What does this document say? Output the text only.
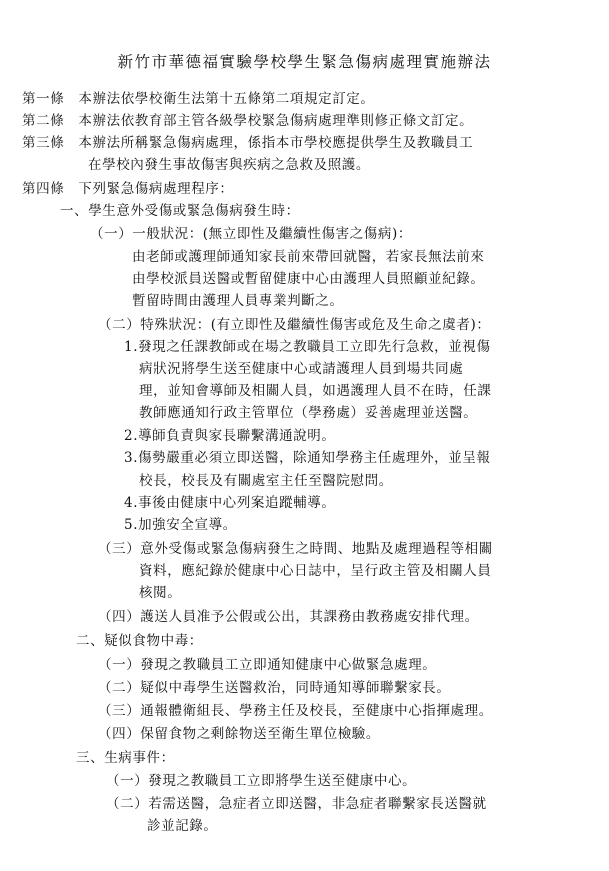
新竹市華德福實驗學校學生緊急傷病處理實施辦法
第一條　本辦法依學校衛生法第十五條第二項規定訂定。
第二條　本辦法依教育部主管各級學校緊急傷病處理準則修正條文訂定。
第三條　本辦法所稱緊急傷病處理，係指本市學校應提供學生及教職員工
在學校內發生事故傷害與疾病之急救及照護。
第四條　下列緊急傷病處理程序：
一、學生意外受傷或緊急傷病發生時：
（一）一般狀況：(無立即性及繼續性傷害之傷病)：
由老師或護理師通知家長前來帶回就醫，若家長無法前來
由學校派員送醫或暫留健康中心由護理人員照顧並紀錄。
暫留時間由護理人員專業判斷之。
（二）特殊狀況：(有立即性及繼續性傷害或危及生命之虞者)：
1.發現之任課教師或在場之教職員工立即先行急救，並視傷
病狀況將學生送至健康中心或請護理人員到場共同處
理，並知會導師及相關人員，如遇護理人員不在時，任課
教師應通知行政主管單位（學務處）妥善處理並送醫。
2.導師負責與家長聯繫溝通說明。
3.傷勢嚴重必須立即送醫，除通知學務主任處理外，並呈報
校長，校長及有關處室主任至醫院慰問。
4.事後由健康中心列案追蹤輔導。
5.加強安全宣導。
（三）意外受傷或緊急傷病發生之時間、地點及處理過程等相關
資料，應紀錄於健康中心日誌中，呈行政主管及相關人員
核閱。
（四）護送人員准予公假或公出，其課務由教務處安排代理。
二、疑似食物中毒：
（一）發現之教職員工立即通知健康中心做緊急處理。
（二）疑似中毒學生送醫救治，同時通知導師聯繫家長。
（三）通報體衛組長、學務主任及校長，至健康中心指揮處理。
（四）保留食物之剩餘物送至衛生單位檢驗。
三、生病事件：
（一）發現之教職員工立即將學生送至健康中心。
（二）若需送醫，急症者立即送醫，非急症者聯繫家長送醫就
診並記錄。
